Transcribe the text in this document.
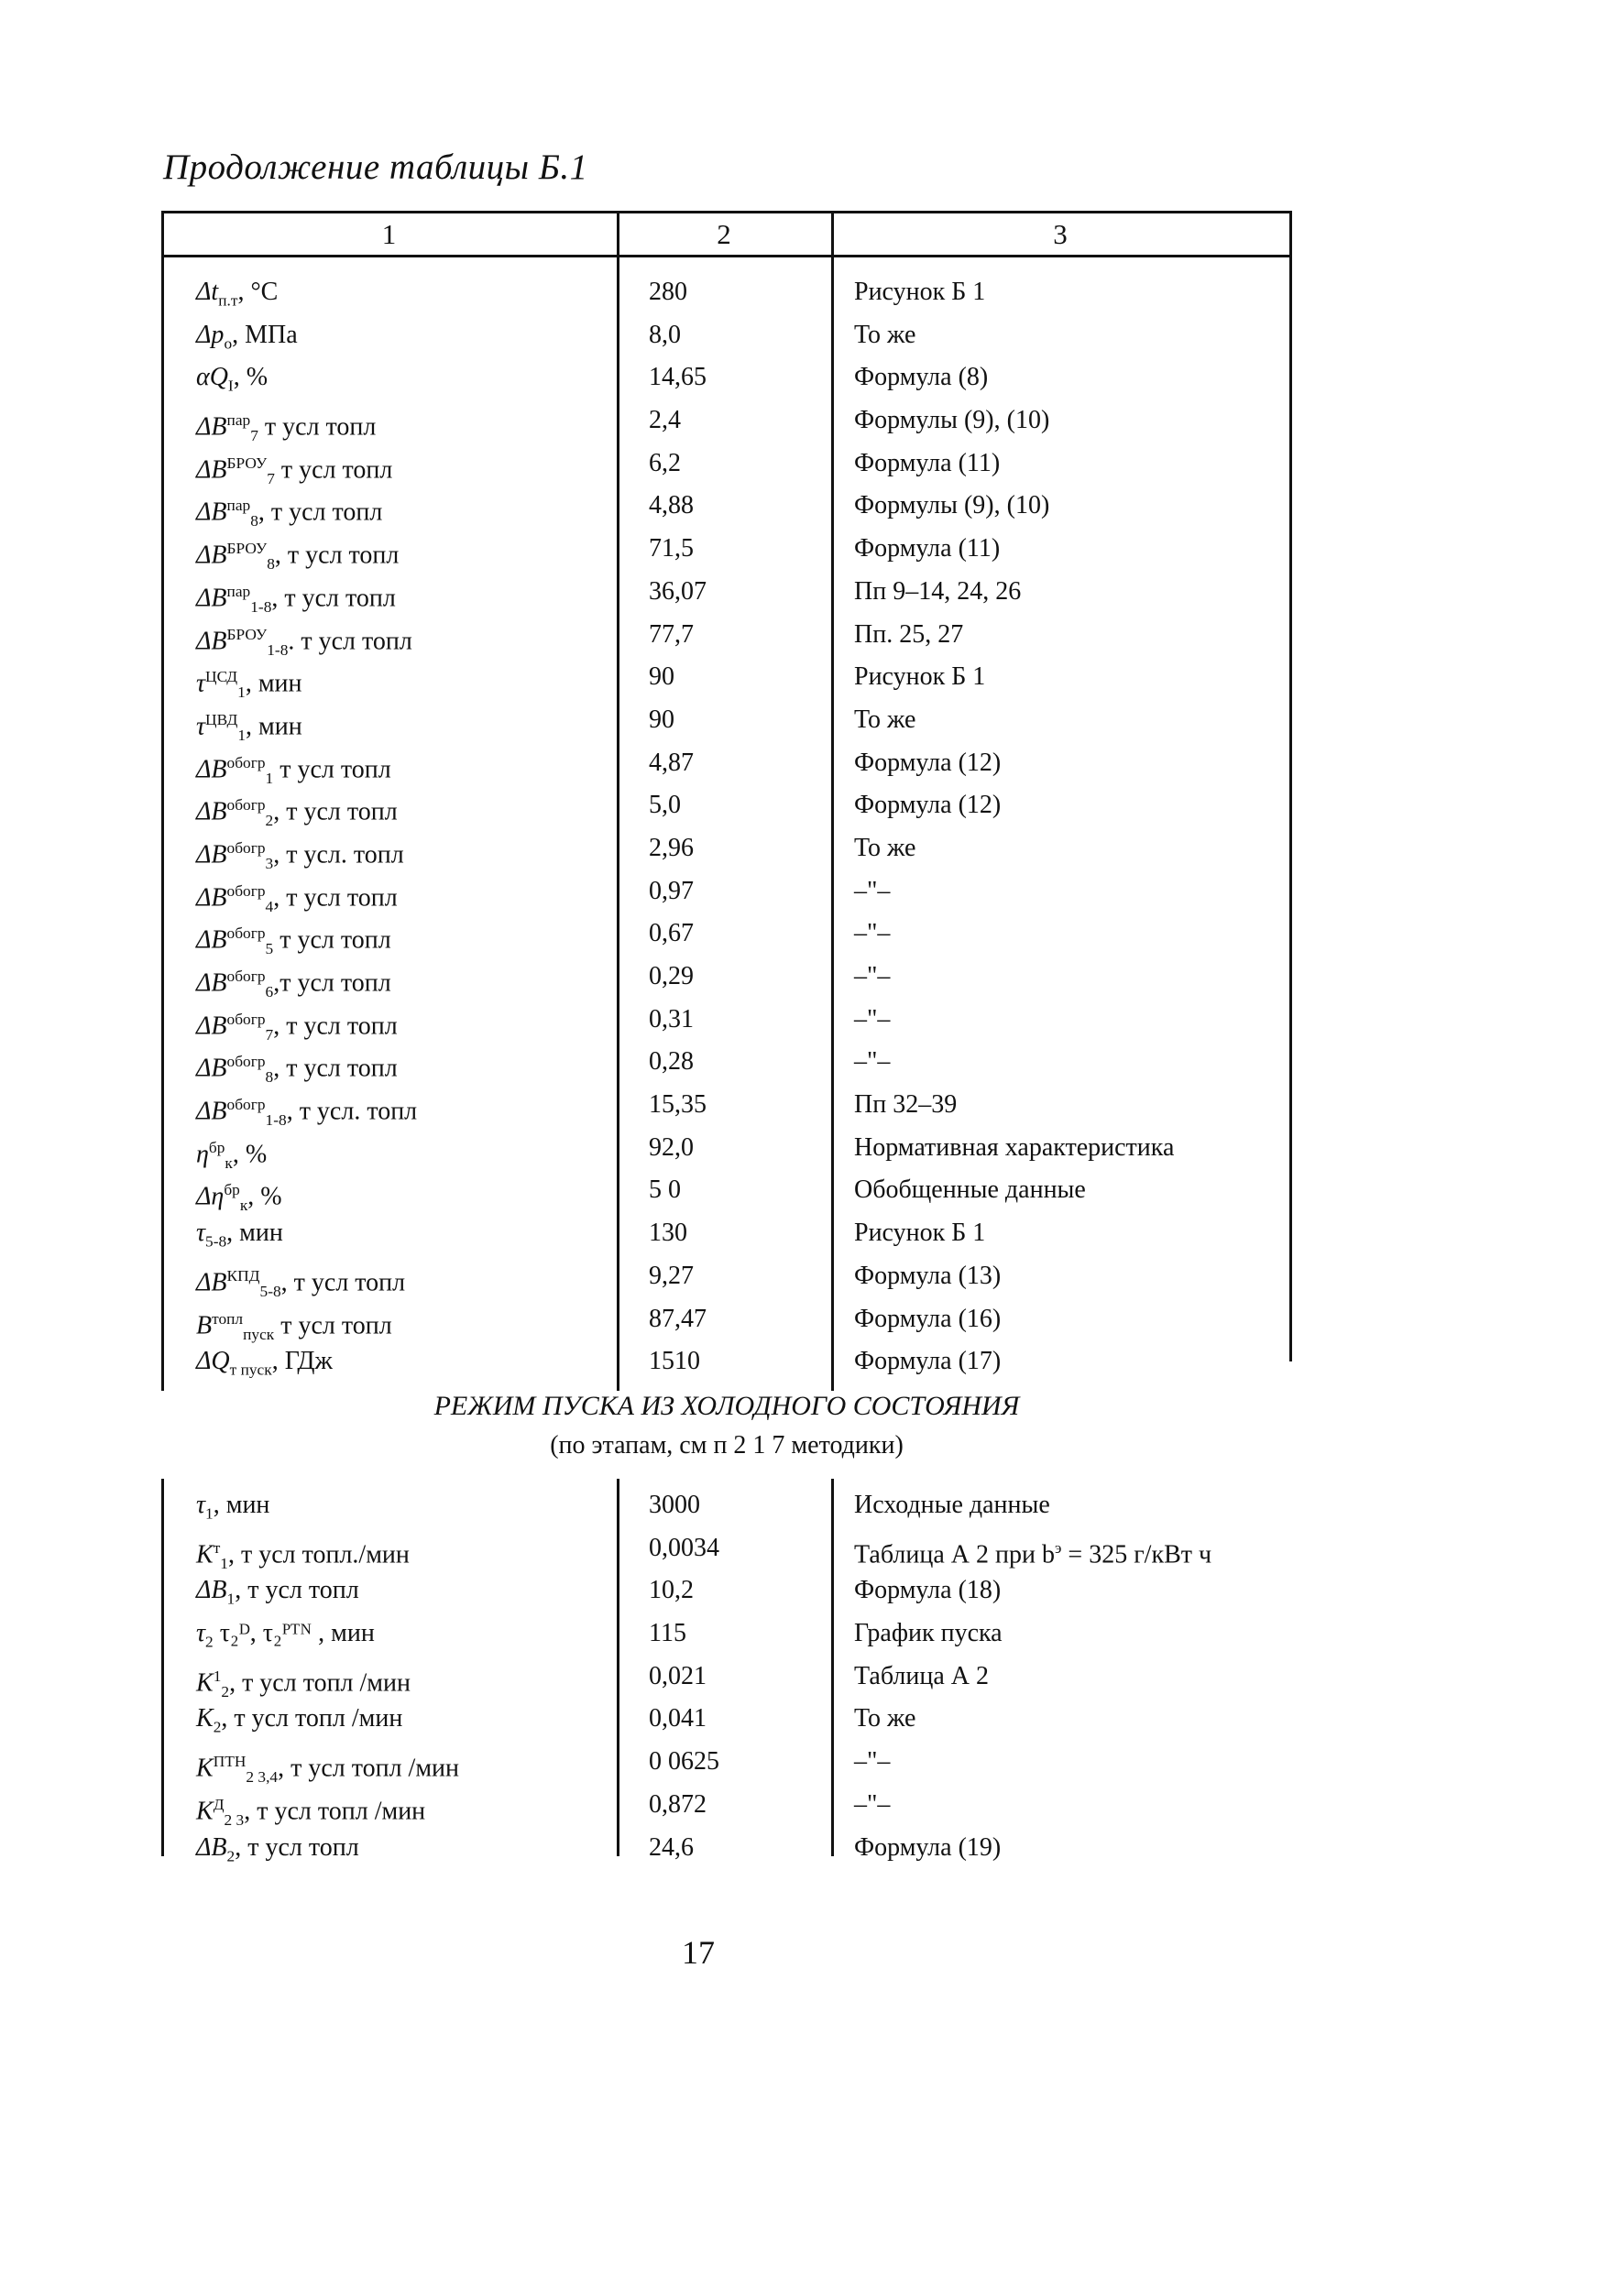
Продолжение таблицы Б.1
1	2	3
$\Delta t_{п.т}$, °С	280	Рисунок Б 1
$\Delta p_о$, МПа	8,0	То же
$\alpha Q_I$, %	14,65	Формула (8)
$\Delta B^{пар}_7$ т усл топл	2,4	Формулы (9), (10)
$\Delta B^{БРОУ}_7$ т усл топл	6,2	Формула (11)
$\Delta B^{пар}_8$, т усл топл	4,88	Формулы (9), (10)
$\Delta B^{БРОУ}_8$, т усл топл	71,5	Формула (11)
$\Delta B^{пар}_{1-8}$, т усл топл	36,07	Пп 9–14, 24, 26
$\Delta B^{БРОУ}_{1-8}$. т усл топл	77,7	Пп. 25, 27
$\tau^{ЦСД}_1$, мин	90	Рисунок Б 1
$\tau^{ЦВД}_1$, мин	90	То же
$\Delta B^{обогр}_1$ т усл топл	4,87	Формула (12)
$\Delta B^{обогр}_2$, т усл топл	5,0	Формула (12)
$\Delta B^{обогр}_3$, т усл. топл	2,96	То же
$\Delta B^{обогр}_4$, т усл топл	0,97	–"–
$\Delta B^{обогр}_5$ т усл топл	0,67	–"–
$\Delta B^{обогр}_6,т$ усл топл	0,29	–"–
$\Delta B^{обогр}_7$, т усл топл	0,31	–"–
$\Delta B^{обогр}_8$, т усл топл	0,28	–"–
$\Delta B^{обогр}_{1-8}$, т усл. топл	15,35	Пп 32–39
$\eta^{бр}_к$, %	92,0	Нормативная характеристика
$\Delta\eta^{бр}_к$, %	5 0	Обобщенные данные
$\tau_{5-8}$, мин	130	Рисунок Б 1
$\Delta B^{КПД}_{5-8}$, т усл топл	9,27	Формула (13)
$B^{топл}_{пуск}$ т усл топл	87,47	Формула (16)
$\Delta Q_{т пуск}$, ГДж	1510	Формула (17)
РЕЖИМ ПУСКА ИЗ ХОЛОДНОГО СОСТОЯНИЯ
(по этапам, см п 2 1 7 методики)
$\tau_1$, мин	3000	Исходные данные
$K^т_1$, т усл топл./мин	0,0034	Таблица А 2 при $b^э = 325$ г/кВт ч
$\Delta B_1$, т усл топл	10,2	Формула (18)
$\tau_2$ τ₂ᴰ, τ₂ᴾᵀᴺ , мин	115	График пуска
$K^1_2$, т усл топл /мин	0,021	Таблица А 2
$K_2$, т усл топл /мин	0,041	То же
$K^{ПТН}_{2 3,4}$, т усл топл /мин	0 0625	–"–
$K^Д_{2 3}$, т усл топл /мин	0,872	–"–
$\Delta B_2$, т усл топл	24,6	Формула (19)
17
